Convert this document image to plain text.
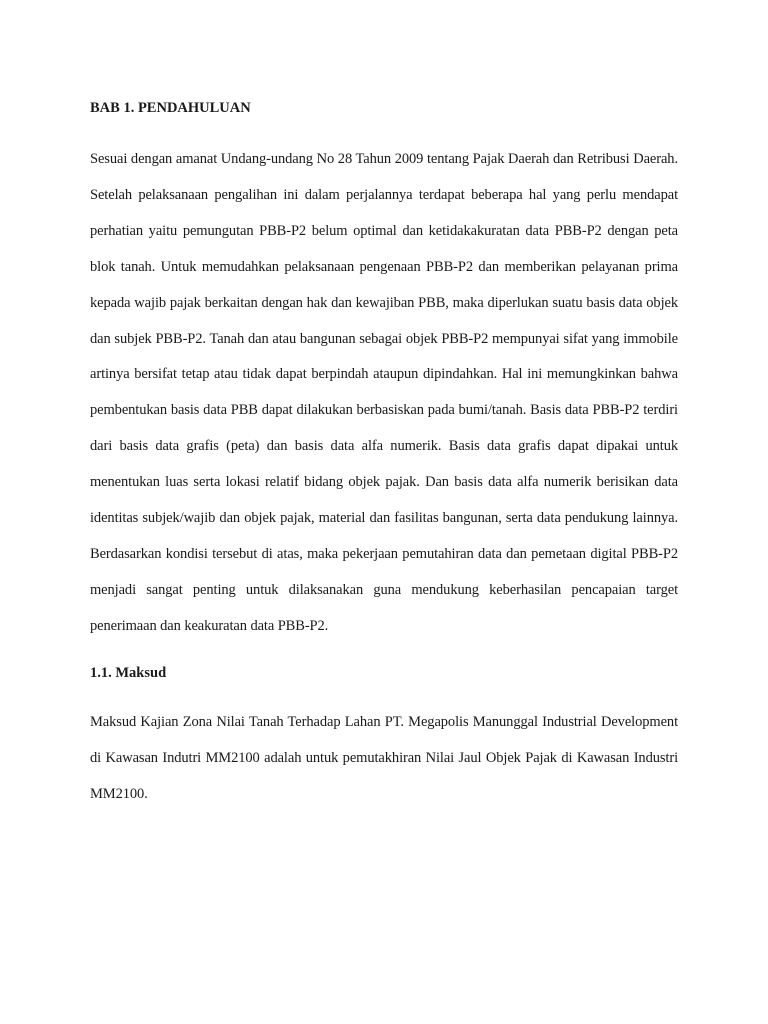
BAB 1. PENDAHULUAN

Sesuai dengan amanat Undang-undang No 28 Tahun 2009 tentang Pajak Daerah dan Retribusi Daerah. Setelah pelaksanaan pengalihan ini dalam perjalannya terdapat beberapa hal yang perlu mendapat perhatian yaitu pemungutan PBB-P2 belum optimal dan ketidakakuratan data PBB-P2 dengan peta blok tanah. Untuk memudahkan pelaksanaan pengenaan PBB-P2 dan memberikan pelayanan prima kepada wajib pajak berkaitan dengan hak dan kewajiban PBB, maka diperlukan suatu basis data objek dan subjek PBB-P2. Tanah dan atau bangunan sebagai objek PBB-P2 mempunyai sifat yang immobile artinya bersifat tetap atau tidak dapat berpindah ataupun dipindahkan. Hal ini memungkinkan bahwa pembentukan basis data PBB dapat dilakukan berbasiskan pada bumi/tanah. Basis data PBB-P2 terdiri dari basis data grafis (peta) dan basis data alfa numerik. Basis data grafis dapat dipakai untuk menentukan luas serta lokasi relatif bidang objek pajak. Dan basis data alfa numerik berisikan data identitas subjek/wajib dan objek pajak, material dan fasilitas bangunan, serta data pendukung lainnya. Berdasarkan kondisi tersebut di atas, maka pekerjaan pemutahiran data dan pemetaan digital PBB-P2 menjadi sangat penting untuk dilaksanakan guna mendukung keberhasilan pencapaian target penerimaan dan keakuratan data PBB-P2.

1.1. Maksud

Maksud Kajian Zona Nilai Tanah Terhadap Lahan PT. Megapolis Manunggal Industrial Development di Kawasan Indutri MM2100 adalah untuk pemutakhiran Nilai Jaul Objek Pajak di Kawasan Industri MM2100.
